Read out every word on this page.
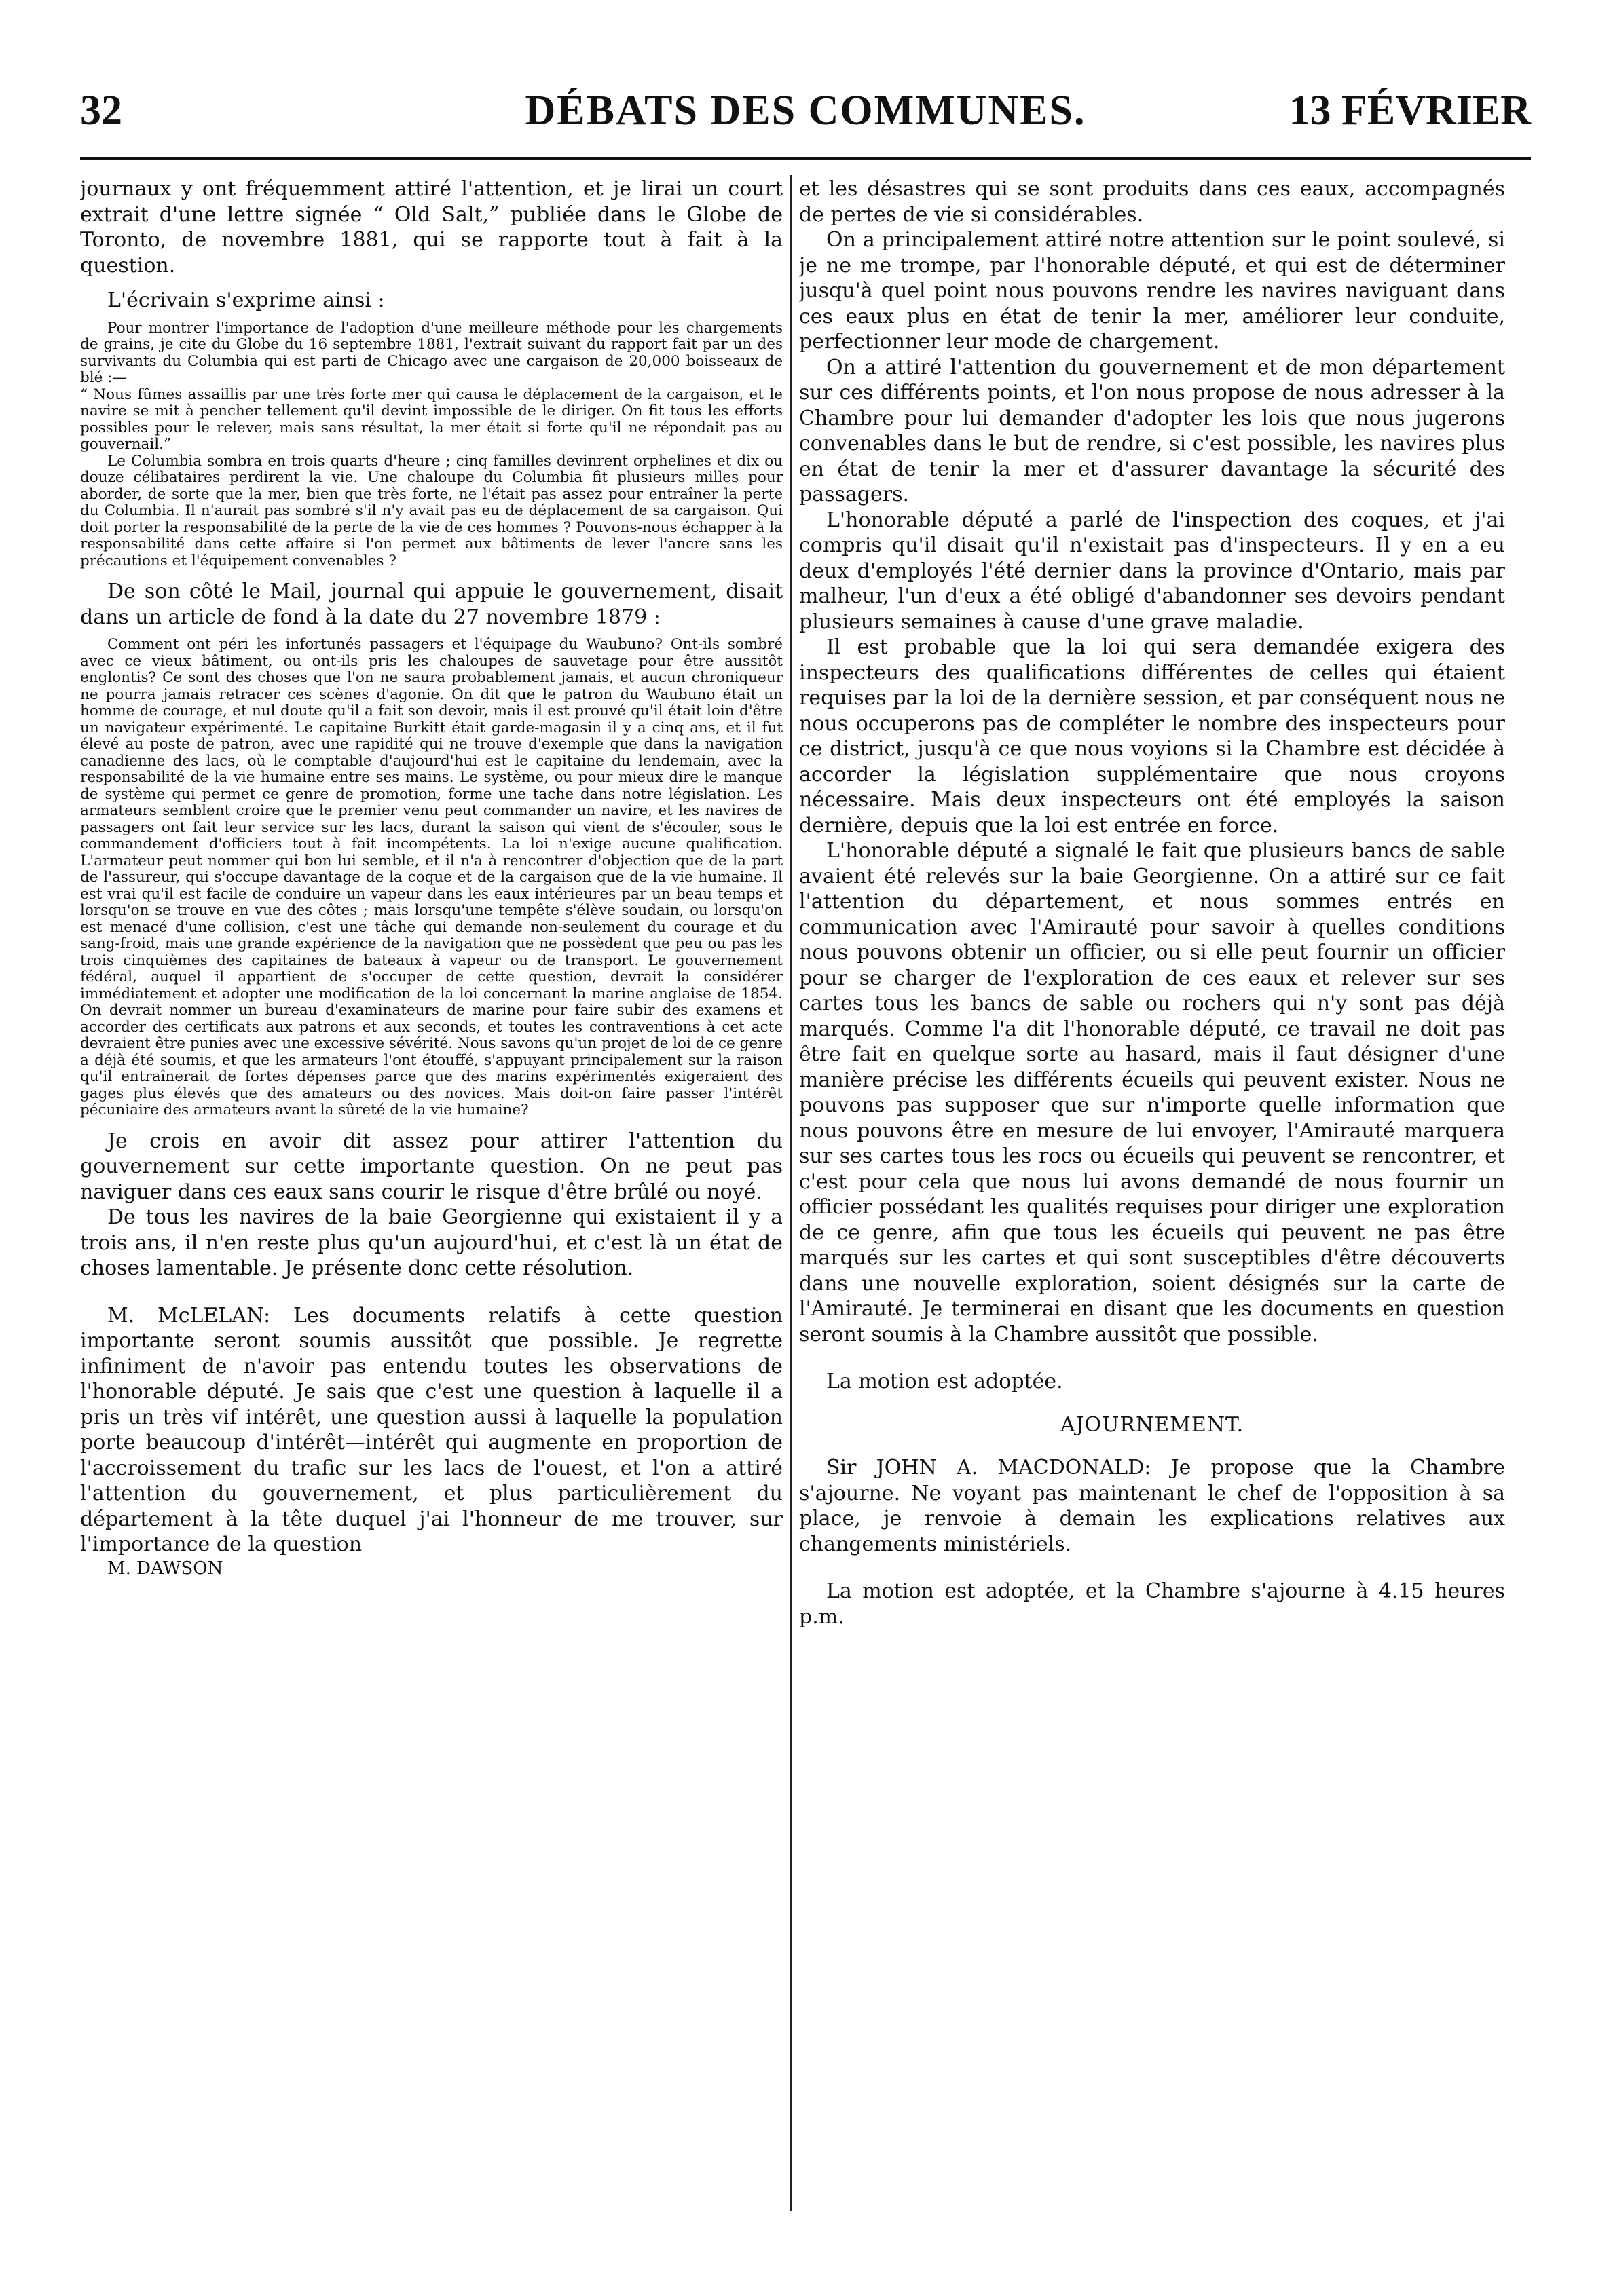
32	DÉBATS DES COMMUNES.	13 FÉVRIER

journaux y ont fréquemment attiré l'attention, et je lirai un court extrait d'une lettre signée “ Old Salt,” publiée dans le Globe de Toronto, de novembre 1881, qui se rapporte tout à fait à la question.

L'écrivain s'exprime ainsi :

Pour montrer l'importance de l'adoption d'une meilleure méthode pour les chargements de grains, je cite du Globe du 16 septembre 1881, l'extrait suivant du rapport fait par un des survivants du Columbia qui est parti de Chicago avec une cargaison de 20,000 boisseaux de blé :—

“ Nous fûmes assaillis par une très forte mer qui causa le déplacement de la cargaison, et le navire se mit à pencher tellement qu'il devint impossible de le diriger. On fit tous les efforts possibles pour le relever, mais sans résultat, la mer était si forte qu'il ne répondait pas au gouvernail.”

Le Columbia sombra en trois quarts d'heure ; cinq familles devinrent orphelines et dix ou douze célibataires perdirent la vie. Une chaloupe du Columbia fit plusieurs milles pour aborder, de sorte que la mer, bien que très forte, ne l'était pas assez pour entraîner la perte du Columbia. Il n'aurait pas sombré s'il n'y avait pas eu de déplacement de sa cargaison. Qui doit porter la responsabilité de la perte de la vie de ces hommes ? Pouvons-nous échapper à la responsabilité dans cette affaire si l'on permet aux bâtiments de lever l'ancre sans les précautions et l'équipement convenables ?

De son côté le Mail, journal qui appuie le gouvernement, disait dans un article de fond à la date du 27 novembre 1879 :

Comment ont péri les infortunés passagers et l'équipage du Waubuno? Ont-ils sombré avec ce vieux bâtiment, ou ont-ils pris les chaloupes de sauvetage pour être aussitôt englontis? Ce sont des choses que l'on ne saura probablement jamais, et aucun chroniqueur ne pourra jamais retracer ces scènes d'agonie. On dit que le patron du Waubuno était un homme de courage, et nul doute qu'il a fait son devoir, mais il est prouvé qu'il était loin d'être un navigateur expérimenté. Le capitaine Burkitt était garde-magasin il y a cinq ans, et il fut élevé au poste de patron, avec une rapidité qui ne trouve d'exemple que dans la navigation canadienne des lacs, où le comptable d'aujourd'hui est le capitaine du lendemain, avec la responsabilité de la vie humaine entre ses mains. Le système, ou pour mieux dire le manque de système qui permet ce genre de promotion, forme une tache dans notre législation. Les armateurs semblent croire que le premier venu peut commander un navire, et les navires de passagers ont fait leur service sur les lacs, durant la saison qui vient de s'écouler, sous le commandement d'officiers tout à fait incompétents. La loi n'exige aucune qualification. L'armateur peut nommer qui bon lui semble, et il n'a à rencontrer d'objection que de la part de l'assureur, qui s'occupe davantage de la coque et de la cargaison que de la vie humaine. Il est vrai qu'il est facile de conduire un vapeur dans les eaux intérieures par un beau temps et lorsqu'on se trouve en vue des côtes ; mais lorsqu'une tempête s'élève soudain, ou lorsqu'on est menacé d'une collision, c'est une tâche qui demande non-seulement du courage et du sang-froid, mais une grande expérience de la navigation que ne possèdent que peu ou pas les trois cinquièmes des capitaines de bateaux à vapeur ou de transport. Le gouvernement fédéral, auquel il appartient de s'occuper de cette question, devrait la considérer immédiatement et adopter une modification de la loi concernant la marine anglaise de 1854. On devrait nommer un bureau d'examinateurs de marine pour faire subir des examens et accorder des certificats aux patrons et aux seconds, et toutes les contraventions à cet acte devraient être punies avec une excessive sévérité. Nous savons qu'un projet de loi de ce genre a déjà été soumis, et que les armateurs l'ont étouffé, s'appuyant principalement sur la raison qu'il entraînerait de fortes dépenses parce que des marins expérimentés exigeraient des gages plus élevés que des amateurs ou des novices. Mais doit-on faire passer l'intérêt pécuniaire des armateurs avant la sûreté de la vie humaine?

Je crois en avoir dit assez pour attirer l'attention du gouvernement sur cette importante question. On ne peut pas naviguer dans ces eaux sans courir le risque d'être brûlé ou noyé.

De tous les navires de la baie Georgienne qui existaient il y a trois ans, il n'en reste plus qu'un aujourd'hui, et c'est là un état de choses lamentable. Je présente donc cette résolution.

M. McLELAN: Les documents relatifs à cette question importante seront soumis aussitôt que possible. Je regrette infiniment de n'avoir pas entendu toutes les observations de l'honorable député. Je sais que c'est une question à laquelle il a pris un très vif intérêt, une question aussi à laquelle la population porte beaucoup d'intérêt—intérêt qui augmente en proportion de l'accroissement du trafic sur les lacs de l'ouest, et l'on a attiré l'attention du gouvernement, et plus particulièrement du département à la tête duquel j'ai l'honneur de me trouver, sur l'importance de la question

M. DAWSON

et les désastres qui se sont produits dans ces eaux, accompagnés de pertes de vie si considérables.

On a principalement attiré notre attention sur le point soulevé, si je ne me trompe, par l'honorable député, et qui est de déterminer jusqu'à quel point nous pouvons rendre les navires naviguant dans ces eaux plus en état de tenir la mer, améliorer leur conduite, perfectionner leur mode de chargement.

On a attiré l'attention du gouvernement et de mon département sur ces différents points, et l'on nous propose de nous adresser à la Chambre pour lui demander d'adopter les lois que nous jugerons convenables dans le but de rendre, si c'est possible, les navires plus en état de tenir la mer et d'assurer davantage la sécurité des passagers.

L'honorable député a parlé de l'inspection des coques, et j'ai compris qu'il disait qu'il n'existait pas d'inspecteurs. Il y en a eu deux d'employés l'été dernier dans la province d'Ontario, mais par malheur, l'un d'eux a été obligé d'abandonner ses devoirs pendant plusieurs semaines à cause d'une grave maladie.

Il est probable que la loi qui sera demandée exigera des inspecteurs des qualifications différentes de celles qui étaient requises par la loi de la dernière session, et par conséquent nous ne nous occuperons pas de compléter le nombre des inspecteurs pour ce district, jusqu'à ce que nous voyions si la Chambre est décidée à accorder la législation supplémentaire que nous croyons nécessaire. Mais deux inspecteurs ont été employés la saison dernière, depuis que la loi est entrée en force.

L'honorable député a signalé le fait que plusieurs bancs de sable avaient été relevés sur la baie Georgienne. On a attiré sur ce fait l'attention du département, et nous sommes entrés en communication avec l'Amirauté pour savoir à quelles conditions nous pouvons obtenir un officier, ou si elle peut fournir un officier pour se charger de l'exploration de ces eaux et relever sur ses cartes tous les bancs de sable ou rochers qui n'y sont pas déjà marqués. Comme l'a dit l'honorable député, ce travail ne doit pas être fait en quelque sorte au hasard, mais il faut désigner d'une manière précise les différents écueils qui peuvent exister. Nous ne pouvons pas supposer que sur n'importe quelle information que nous pouvons être en mesure de lui envoyer, l'Amirauté marquera sur ses cartes tous les rocs ou écueils qui peuvent se rencontrer, et c'est pour cela que nous lui avons demandé de nous fournir un officier possédant les qualités requises pour diriger une exploration de ce genre, afin que tous les écueils qui peuvent ne pas être marqués sur les cartes et qui sont susceptibles d'être découverts dans une nouvelle exploration, soient désignés sur la carte de l'Amirauté. Je terminerai en disant que les documents en question seront soumis à la Chambre aussitôt que possible.

La motion est adoptée.

AJOURNEMENT.

Sir JOHN A. MACDONALD: Je propose que la Chambre s'ajourne. Ne voyant pas maintenant le chef de l'opposition à sa place, je renvoie à demain les explications relatives aux changements ministériels.

La motion est adoptée, et la Chambre s'ajourne à 4.15 heures p.m.
